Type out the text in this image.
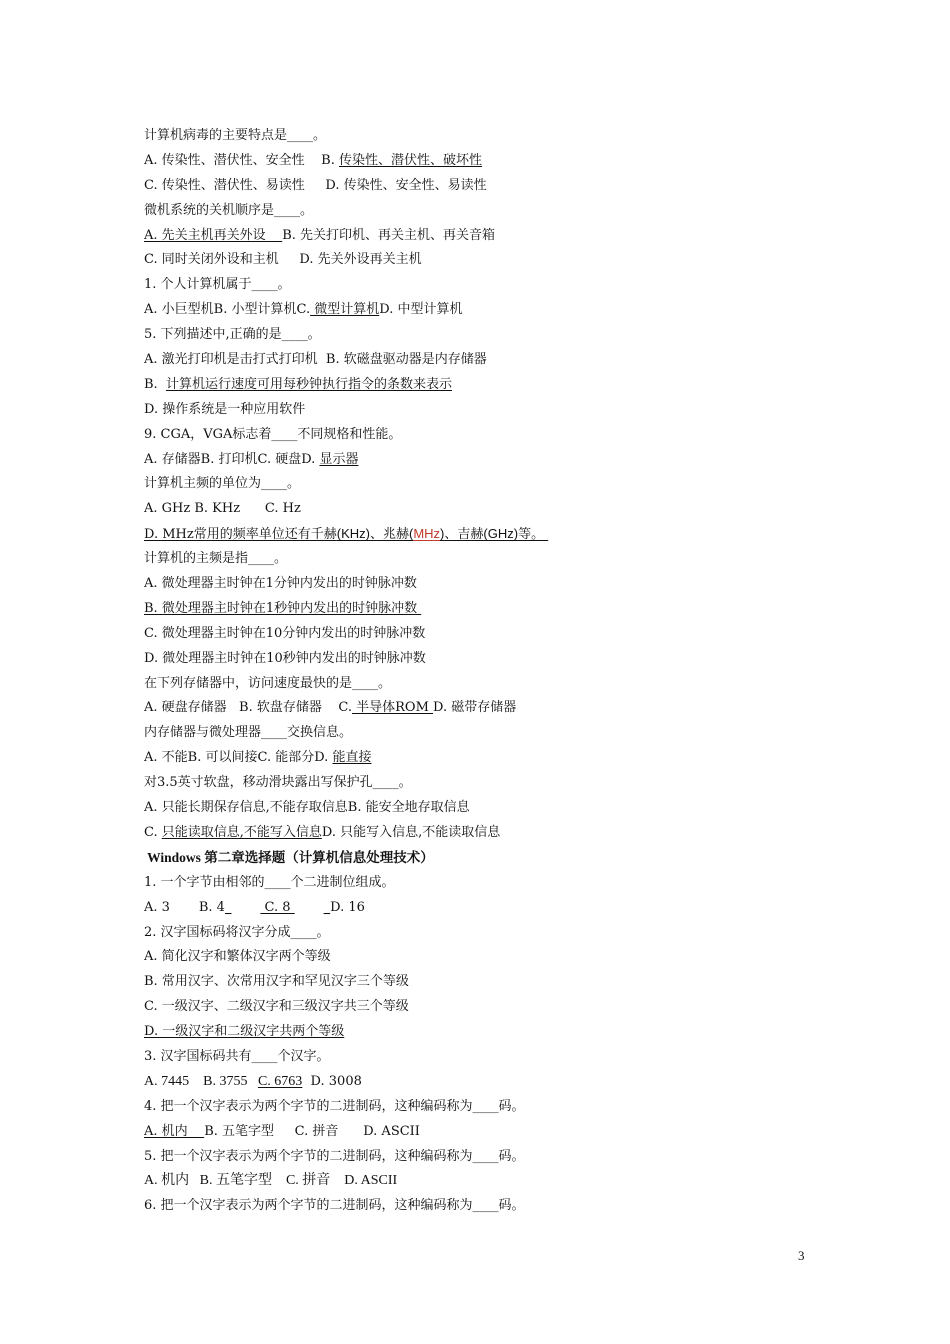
计算机病毒的主要特点是____。
A. 传染性、潜伏性、安全性    B. 传染性、潜伏性、破坏性
C. 传染性、潜伏性、易读性     D. 传染性、安全性、易读性
微机系统的关机顺序是____。
A. 先关主机再关外设    B. 先关打印机、再关主机、再关音箱
C. 同时关闭外设和主机     D. 先关外设再关主机
1. 个人计算机属于____。
A. 小巨型机B. 小型计算机C. 微型计算机D. 中型计算机
5. 下列描述中,正确的是____。
A. 激光打印机是击打式打印机  B. 软磁盘驱动器是内存储器
B.  计算机运行速度可用每秒钟执行指令的条数来表示
D. 操作系统是一种应用软件
9. CGA，VGA标志着____不同规格和性能。
A. 存储器B. 打印机C. 硬盘D. 显示器
计算机主频的单位为____。
A. GHz B. KHz      C. Hz
D. MHz常用的频率单位还有千赫(KHz)、兆赫(MHz)、吉赫(GHz)等。
计算机的主频是指____。
A. 微处理器主时钟在1分钟内发出的时钟脉冲数
B. 微处理器主时钟在1秒钟内发出的时钟脉冲数
C. 微处理器主时钟在10分钟内发出的时钟脉冲数
D. 微处理器主时钟在10秒钟内发出的时钟脉冲数
在下列存储器中，访问速度最快的是____。
A. 硬盘存储器   B. 软盘存储器    C. 半导体ROM D. 磁带存储器
内存储器与微处理器____交换信息。
A. 不能B. 可以间接C. 能部分D. 能直接
对3.5英寸软盘，移动滑块露出写保护孔____。
A. 只能长期保存信息,不能存取信息B. 能安全地存取信息
C. 只能读取信息,不能写入信息D. 只能写入信息,不能读取信息
Windows 第二章选择题（计算机信息处理技术）
1. 一个字节由相邻的____个二进制位组成。
A. 3       B. 4_        C. 8        _D. 16
2. 汉字国标码将汉字分成____。
A. 简化汉字和繁体汉字两个等级
B. 常用汉字、次常用汉字和罕见汉字三个等级
C. 一级汉字、二级汉字和三级汉字共三个等级
D. 一级汉字和二级汉字共两个等级
3. 汉字国标码共有____个汉字。
A. 7445    B. 3755   C. 6763  D. 3008
4. 把一个汉字表示为两个字节的二进制码，这种编码称为____码。
A. 机内    B. 五笔字型     C. 拼音      D. ASCII
5. 把一个汉字表示为两个字节的二进制码，这种编码称为____码。
A. 机内   B. 五笔字型    C. 拼音    D. ASCII
6. 把一个汉字表示为两个字节的二进制码，这种编码称为____码。
3
